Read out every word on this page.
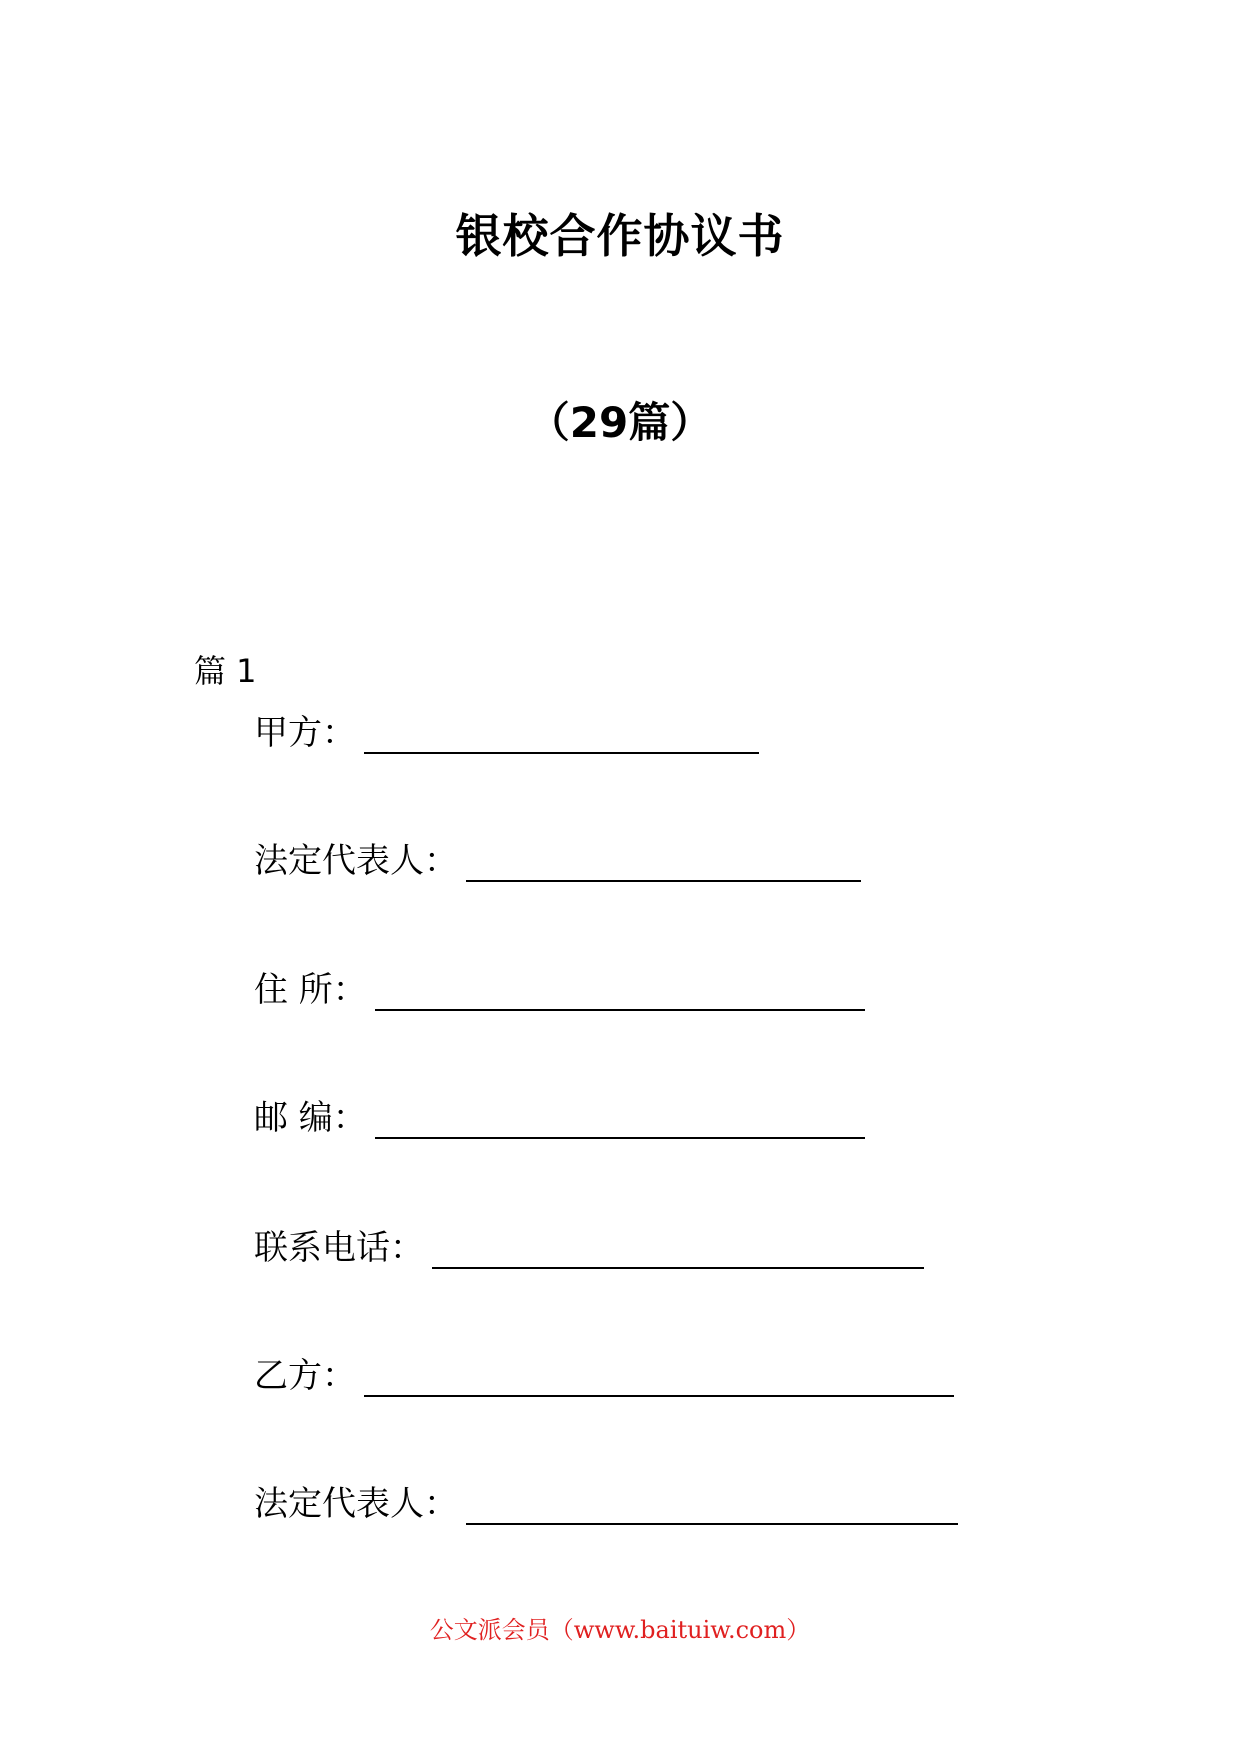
银校合作协议书
（29篇）
篇 1
甲方：
法定代表人：
住 所：
邮 编：
联系电话：
乙方：
法定代表人：
公文派会员（www.baituiw.com）
